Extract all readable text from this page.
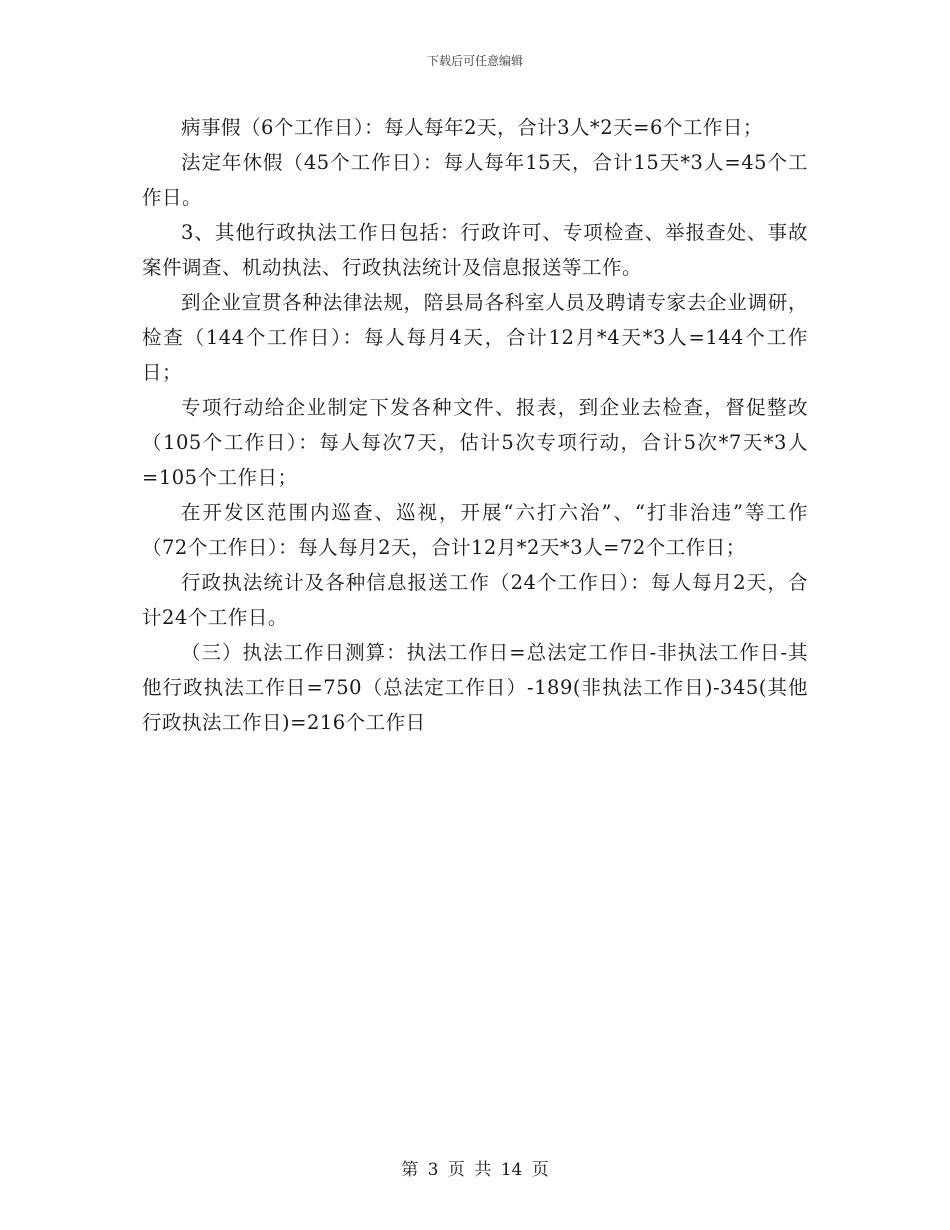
下载后可任意编辑

病事假（6个工作日）：每人每年2天，合计3人*2天=6个工作日；

法定年休假（45个工作日）：每人每年15天，合计15天*3人=45个工作日。

3、其他行政执法工作日包括：行政许可、专项检查、举报查处、事故案件调查、机动执法、行政执法统计及信息报送等工作。

到企业宣贯各种法律法规，陪县局各科室人员及聘请专家去企业调研，检查（144个工作日）：每人每月4天，合计12月*4天*3人=144个工作日；

专项行动给企业制定下发各种文件、报表，到企业去检查，督促整改（105个工作日）：每人每次7天，估计5次专项行动，合计5次*7天*3人=105个工作日；

在开发区范围内巡查、巡视，开展“六打六治”、“打非治违”等工作（72个工作日）：每人每月2天，合计12月*2天*3人=72个工作日；

行政执法统计及各种信息报送工作（24个工作日）：每人每月2天，合计24个工作日。

（三）执法工作日测算：执法工作日=总法定工作日-非执法工作日-其他行政执法工作日=750（总法定工作日）-189(非执法工作日)-345(其他行政执法工作日)=216个工作日

第 3 页 共 14 页
